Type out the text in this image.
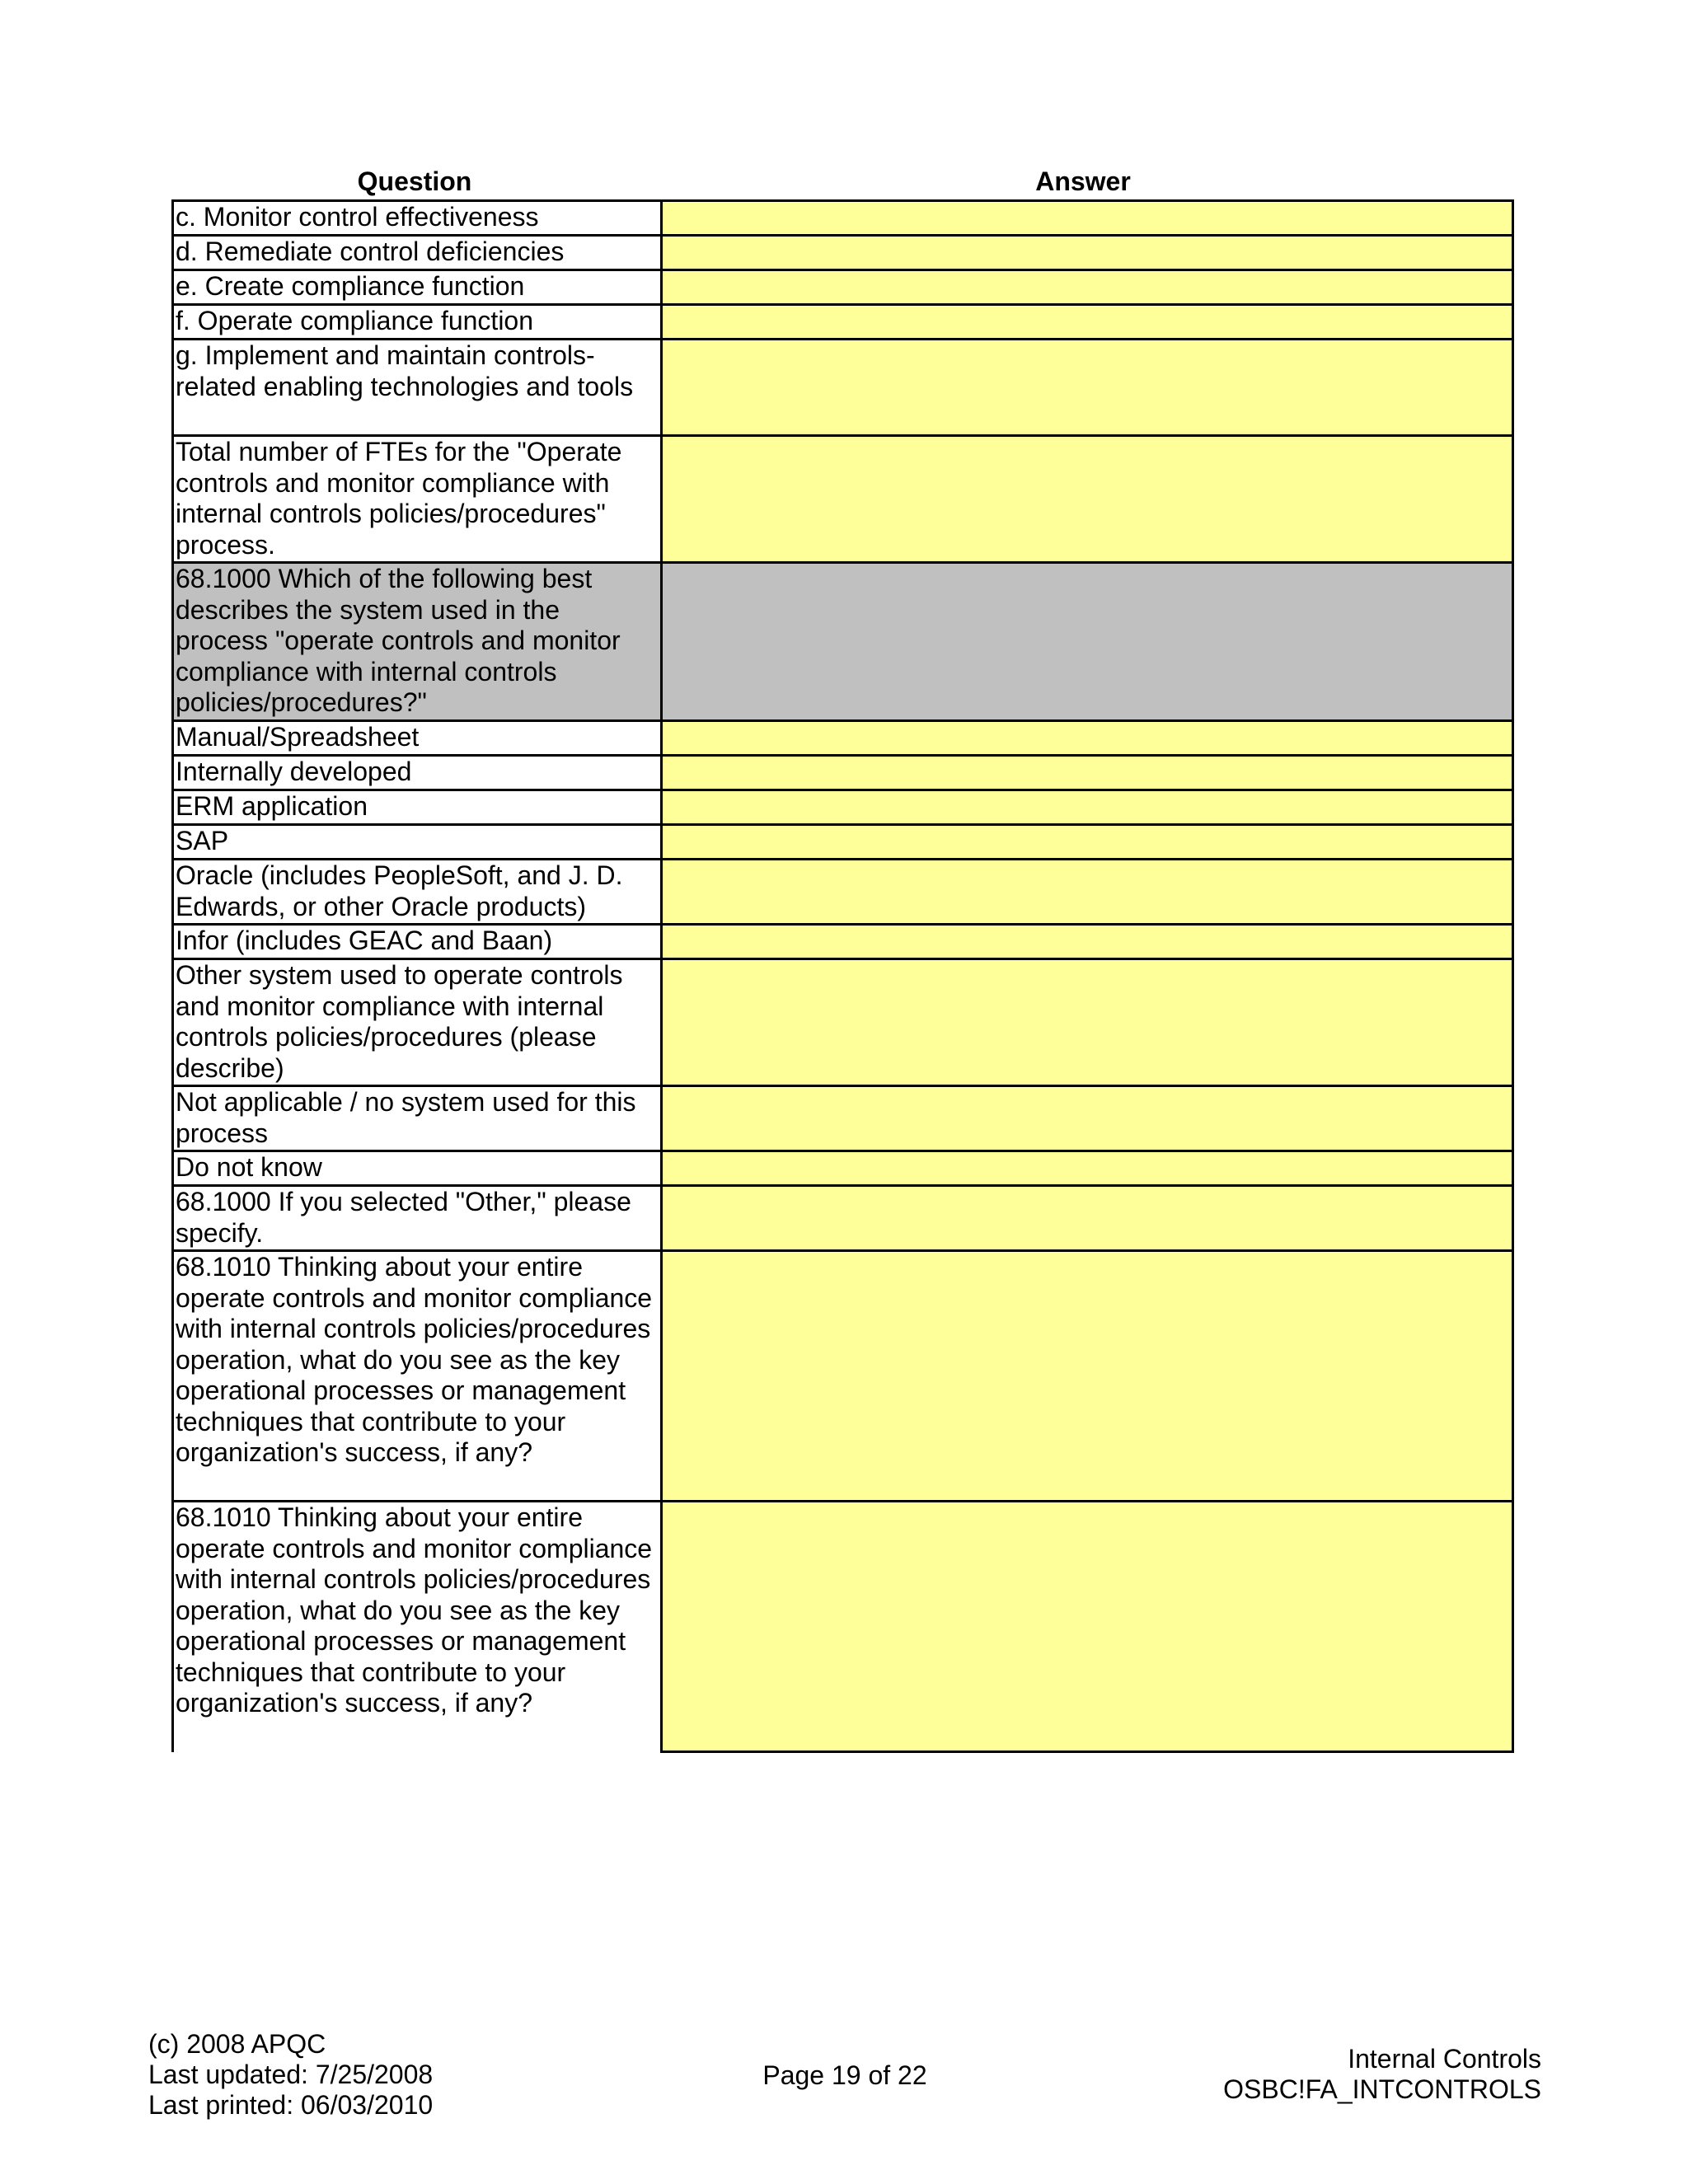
Question	Answer
c. Monitor control effectiveness	
d. Remediate control deficiencies	
e. Create compliance function	
f. Operate compliance function	
g. Implement and maintain controls-related enabling technologies and tools	
Total number of FTEs for the "Operate controls and monitor compliance with internal controls policies/procedures" process.	
68.1000 Which of the following best describes the system used in the process "operate controls and monitor compliance with internal controls policies/procedures?"	
Manual/Spreadsheet	
Internally developed	
ERM application	
SAP	
Oracle (includes PeopleSoft, and J. D. Edwards, or other Oracle products)	
Infor (includes GEAC and Baan)	
Other system used to operate controls and monitor compliance with internal controls policies/procedures (please describe)	
Not applicable / no system used for this process	
Do not know	
68.1000 If you selected "Other," please specify.	
68.1010 Thinking about your entire operate controls and monitor compliance with internal controls policies/procedures operation, what do you see as the key operational processes or management techniques that contribute to your organization's success, if any?	
68.1010 Thinking about your entire operate controls and monitor compliance with internal controls policies/procedures operation, what do you see as the key operational processes or management techniques that contribute to your organization's success, if any?	
(c) 2008 APQC
Last updated: 7/25/2008
Last printed: 06/03/2010
Page 19 of 22
Internal Controls
OSBC!FA_INTCONTROLS
